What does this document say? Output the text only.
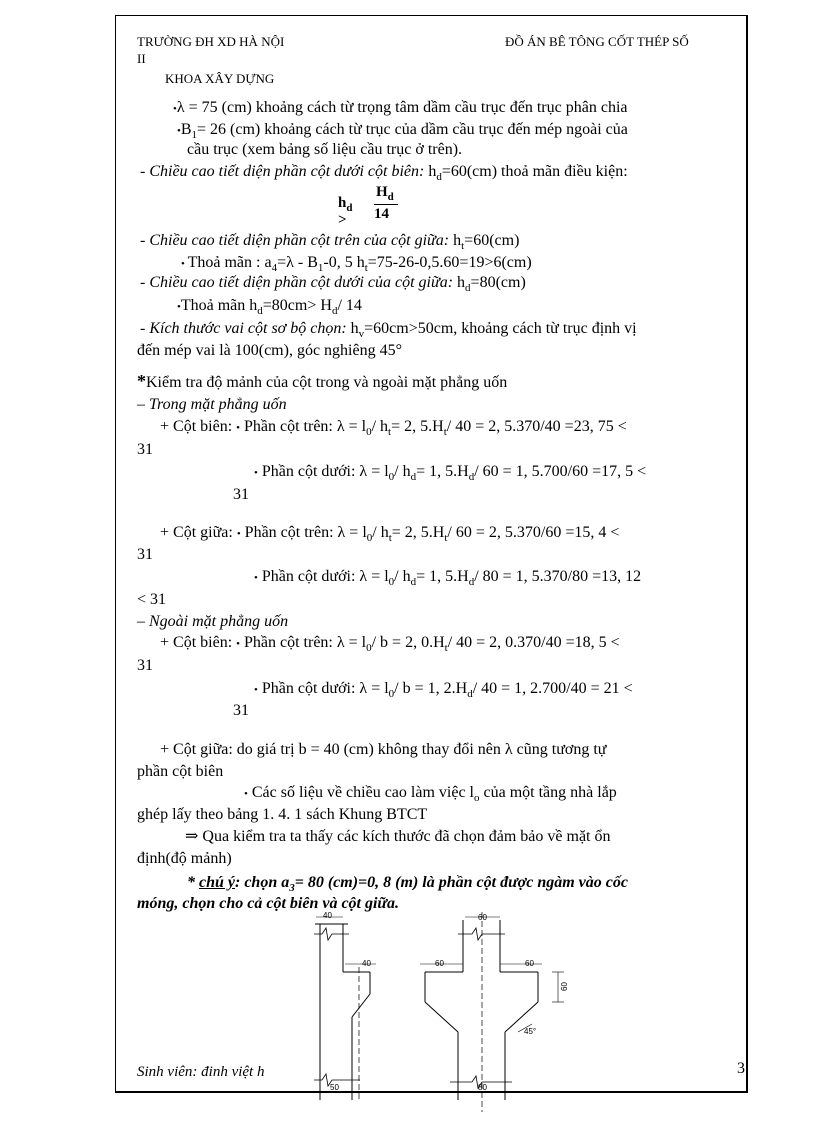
TRƯỜNG ĐH XD HÀ NỘI	ĐỒ ÁN BÊ TÔNG CỐT THÉP SỐ
II
KHOA XÂY DỰNG
•λ = 75 (cm) khoảng cách từ trọng tâm dầm cầu trục đến trục phân chia
$•B_1= 26$ (cm) khoảng cách từ trục của dầm cầu trục đến mép ngoài của
cầu trục (xem bảng số liệu cầu trục ở trên).
- Chiều cao tiết diện phần cột dưới cột biên: $h_d=60(cm)$ thoả mãn điều kiện:
$h_d$ >
$H_d$
14
- Chiều cao tiết diện phần cột trên của cột giữa: $h_t=60(cm)$
• Thoả mãn : $a_4=\lambda - B_1-0$, 5 $h_t=75-26-0,5.60=19>6(cm)$
- Chiều cao tiết diện phần cột dưới của cột giữa: $h_d=80(cm)$
•Thoả mãn $h_d=80cm> H_d/$ 14
- Kích thước vai cột sơ bộ chọn: $h_v=60cm>50cm$, khoảng cách từ trục định vị
đến mép vai là 100(cm), góc nghiêng 45°
*Kiểm tra độ mảnh của cột trong và ngoài mặt phẳng uốn
– Trong mặt phẳng uốn
+ Cột biên: • Phần cột trên: $\lambda = l_0/$ $h_t= 2$, $5.H_t/$ 40 = 2, 5.370/40 =23, 75 <
31
• Phần cột dưới: $\lambda = l_0/$ $h_d= 1$, $5.H_d/$ 60 = 1, 5.700/60 =17, 5 <
31
+ Cột giữa: • Phần cột trên: $\lambda = l_0/$ $h_t= 2$, $5.H_t/$ 60 = 2, 5.370/60 =15, 4 <
31
• Phần cột dưới: $\lambda = l_0/$ $h_d= 1$, $5.H_d/$ 80 = 1, 5.370/80 =13, 12
< 31
– Ngoài mặt phẳng uốn
+ Cột biên: • Phần cột trên: $\lambda = l_0/$ b = 2, $0.H_t/$ 40 = 2, 0.370/40 =18, 5 <
31
• Phần cột dưới: $\lambda = l_0/$ b = 1, $2.H_d/$ 40 = 1, 2.700/40 = 21 <
31
+ Cột giữa: do giá trị b = 40 (cm) không thay đổi nên λ cũng tương tự
phần cột biên
• Các số liệu về chiều cao làm việc $l_o$ của một tầng nhà lắp
ghép lấy theo bảng 1. 4. 1 sách Khung BTCT
⇒ Qua kiểm tra ta thấy các kích thước đã chọn đảm bảo về mặt ổn
định(độ mảnh)
* chú ý: chọn $a_3= 80$ (cm)=0, 8 (m) là phần cột được ngàm vào cốc
móng, chọn cho cả cột biên và cột giữa.
40
40
60
60	60
60
50	80
45°
Sinh viên: đinh việt h	3
